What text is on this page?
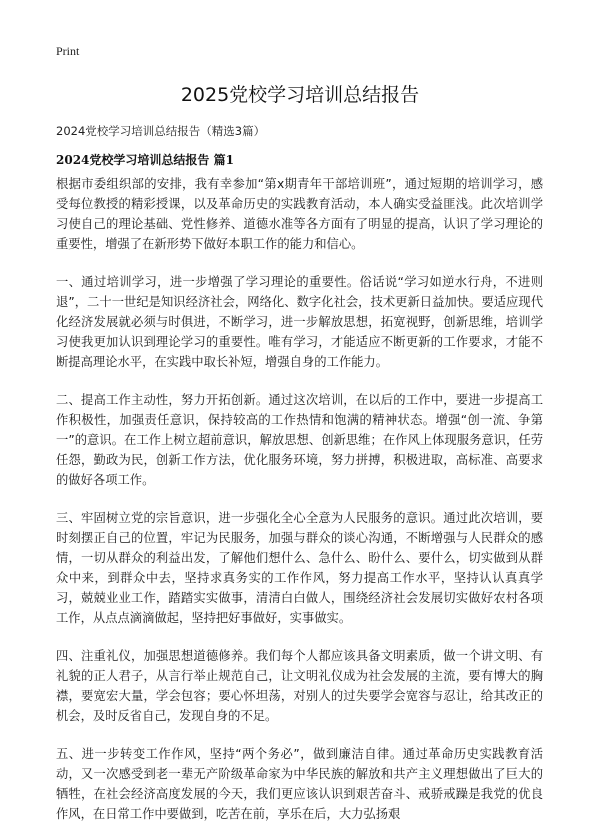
Print
2025党校学习培训总结报告
2024党校学习培训总结报告（精选3篇）
2024党校学习培训总结报告 篇1

根据市委组织部的安排，我有幸参加“第x期青年干部培训班”，通过短期的培训学习，感受每位教授的精彩授课，以及革命历史的实践教育活动，本人确实受益匪浅。此次培训学习使自己的理论基础、党性修养、道德水准等各方面有了明显的提高，认识了学习理论的重要性，增强了在新形势下做好本职工作的能力和信心。

一、通过培训学习，进一步增强了学习理论的重要性。俗话说“学习如逆水行舟，不进则退”，二十一世纪是知识经济社会，网络化、数字化社会，技术更新日益加快。要适应现代化经济发展就必须与时俱进，不断学习，进一步解放思想，拓宽视野，创新思维，培训学习使我更加认识到理论学习的重要性。唯有学习，才能适应不断更新的工作要求，才能不断提高理论水平，在实践中取长补短，增强自身的工作能力。

二、提高工作主动性，努力开拓创新。通过这次培训，在以后的工作中，要进一步提高工作积极性，加强责任意识，保持较高的工作热情和饱满的精神状态。增强“创一流、争第一”的意识。在工作上树立超前意识，解放思想、创新思维；在作风上体现服务意识，任劳任怨，勤政为民，创新工作方法，优化服务环境，努力拼搏，积极进取，高标准、高要求的做好各项工作。

三、牢固树立党的宗旨意识，进一步强化全心全意为人民服务的意识。通过此次培训，要时刻摆正自己的位置，牢记为民服务，加强与群众的谈心沟通，不断增强与人民群众的感情，一切从群众的利益出发，了解他们想什么、急什么、盼什么、要什么，切实做到从群众中来，到群众中去，坚持求真务实的工作作风，努力提高工作水平，坚持认认真真学习，兢兢业业工作，踏踏实实做事，清清白白做人，围绕经济社会发展切实做好农村各项工作，从点点滴滴做起，坚持把好事做好，实事做实。

四、注重礼仪，加强思想道德修养。我们每个人都应该具备文明素质，做一个讲文明、有礼貌的正人君子，从言行举止规范自己，让文明礼仪成为社会发展的主流，要有博大的胸襟，要宽宏大量，学会包容；要心怀坦荡，对别人的过失要学会宽容与忍让，给其改正的机会，及时反省自己，发现自身的不足。

五、进一步转变工作作风，坚持“两个务必”，做到廉洁自律。通过革命历史实践教育活动，又一次感受到老一辈无产阶级革命家为中华民族的解放和共产主义理想做出了巨大的牺牲，在社会经济高度发展的今天，我们更应该认识到艰苦奋斗、戒骄戒躁是我党的优良作风，在日常工作中要做到，吃苦在前，享乐在后，大力弘扬艰
